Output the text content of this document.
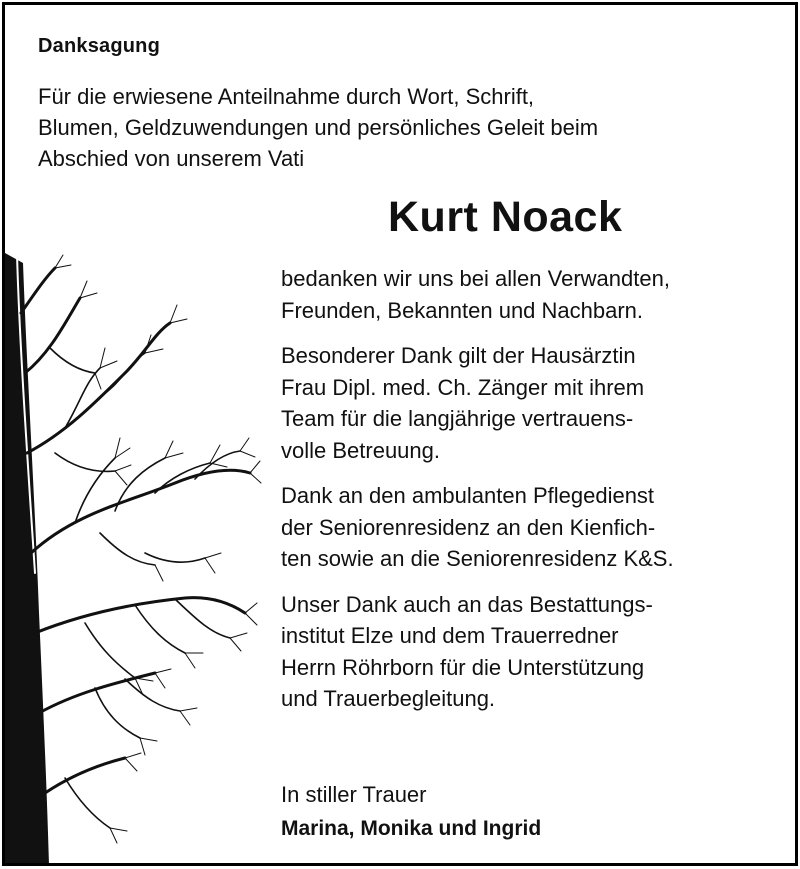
Danksagung
Für die erwiesene Anteilnahme durch Wort, Schrift,
Blumen, Geldzuwendungen und persönliches Geleit beim
Abschied von unserem Vati
Kurt Noack

bedanken wir uns bei allen Verwandten,
Freunden, Bekannten und Nachbarn.

Besonderer Dank gilt der Hausärztin
Frau Dipl. med. Ch. Zänger mit ihrem
Team für die langjährige vertrauens-
volle Betreuung.

Dank an den ambulanten Pflegedienst
der Seniorenresidenz an den Kienfich-
ten sowie an die Seniorenresidenz K&S.

Unser Dank auch an das Bestattungs-
institut Elze und dem Trauerredner
Herrn Röhrborn für die Unterstützung
und Trauerbegleitung.

In stiller Trauer
Marina, Monika und Ingrid
